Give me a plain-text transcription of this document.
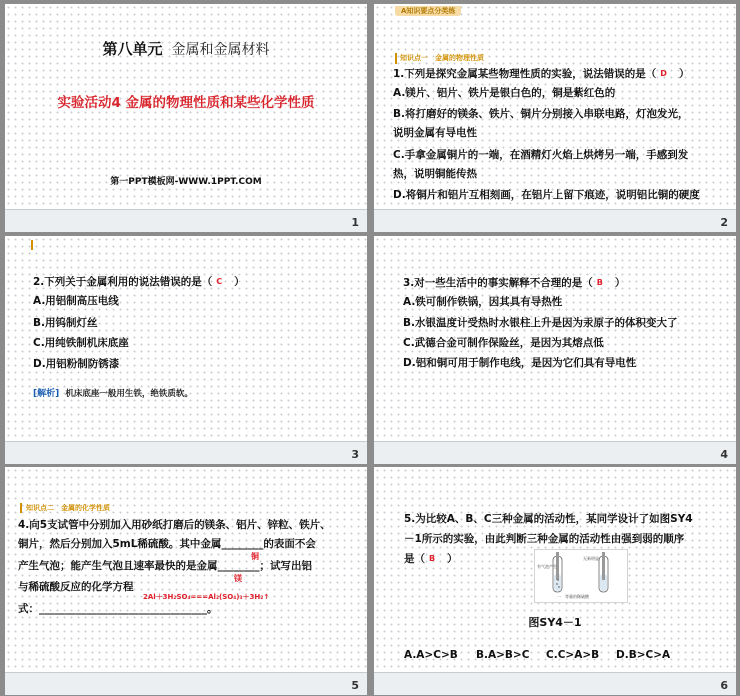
第八单元 金属和金属材料
实验活动4 金属的物理性质和某些化学性质
第一PPT模板网-WWW.1PPT.COM
1
A知识要点分类练
知识点一　金属的物理性质
1.下列是探究金属某些物理性质的实验，说法错误的是（ D ）
A.镁片、铝片、铁片是银白色的，铜是紫红色的
B.将打磨好的镁条、铁片、铜片分别接入串联电路，灯泡发光，
说明金属有导电性
C.手拿金属铜片的一端，在酒精灯火焰上烘烤另一端，手感到发
热，说明铜能传热
D.将铜片和铝片互相刻画，在铝片上留下痕迹，说明铝比铜的硬度
2
2.下列关于金属利用的说法错误的是（ C ）
A.用铝制高压电线
B.用钨制灯丝
C.用纯铁制机床底座
D.用铝粉制防锈漆
[解析] 机床底座一般用生铁，绝铁质软。
3
3.对一些生活中的事实解释不合理的是（ B ）
A.铁可制作铁锅，因其具有导热性
B.水银温度计受热时水银柱上升是因为汞原子的体积变大了
C.武德合金可制作保险丝，是因为其熔点低
D.铝和铜可用于制作电线，是因为它们具有导电性
4
知识点二　金属的化学性质
4.向5支试管中分别加入用砂纸打磨后的镁条、铝片、锌粒、铁片、
铜片，然后分别加入5mL稀硫酸。其中金属________的表面不会
铜
产生气泡；能产生气泡且速率最快的是金属________；试写出铝
镁
与稀硫酸反应的化学方程
2Al＋3H₂SO₄===Al₂(SO₄)₃＋3H₂↑
式：________________________________。
5
5.为比较A、B、C三种金属的活动性，某同学设计了如图SY4
－1所示的实验，由此判断三种金属的活动性由强到弱的顺序
是（ B ）
有气泡产生
无新明显
一　等量的稀硫酸
图SY4－1
A.A>C>B B.A>B>C C.C>A>B D.B>C>A
6
